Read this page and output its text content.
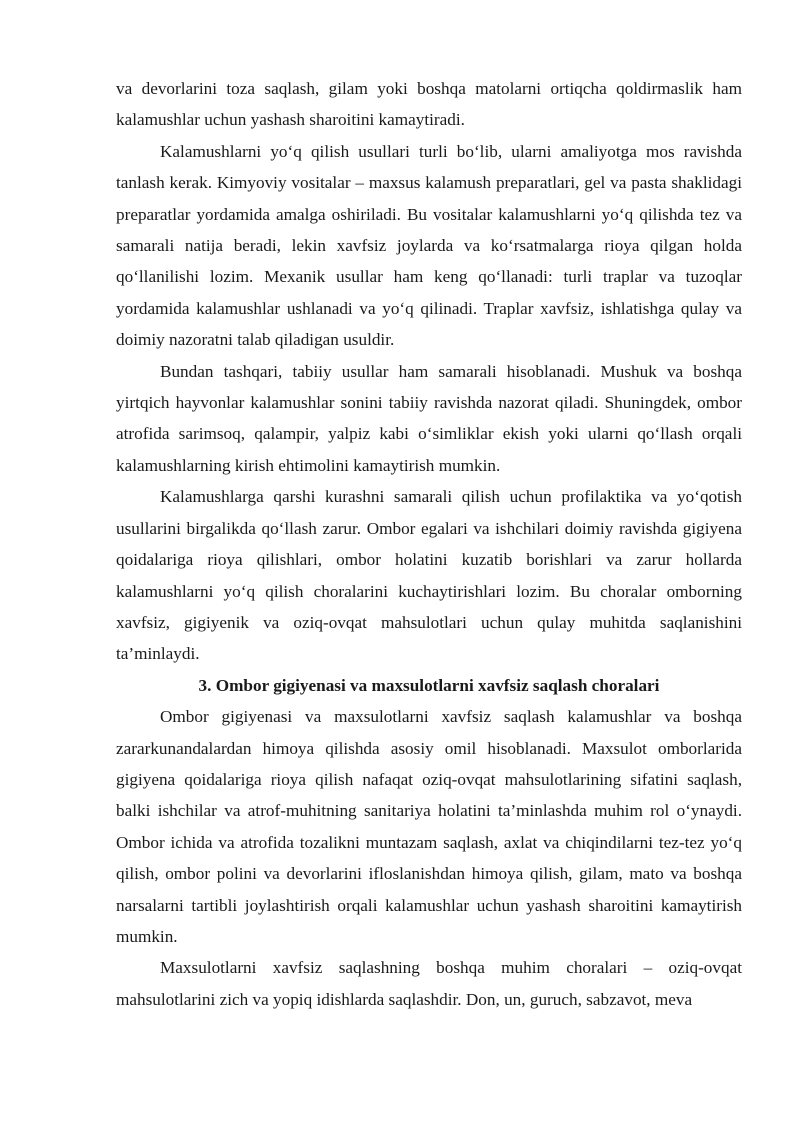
va devorlarini toza saqlash, gilam yoki boshqa matolarni ortiqcha qoldirmaslik ham kalamushlar uchun yashash sharoitini kamaytiradi.

Kalamushlarni yo‘q qilish usullari turli bo‘lib, ularni amaliyotga mos ravishda tanlash kerak. Kimyoviy vositalar – maxsus kalamush preparatlari, gel va pasta shaklidagi preparatlar yordamida amalga oshiriladi. Bu vositalar kalamushlarni yo‘q qilishda tez va samarali natija beradi, lekin xavfsiz joylarda va ko‘rsatmalarga rioya qilgan holda qo‘llanilishi lozim. Mexanik usullar ham keng qo‘llanadi: turli traplar va tuzoqlar yordamida kalamushlar ushlanadi va yo‘q qilinadi. Traplar xavfsiz, ishlatishga qulay va doimiy nazoratni talab qiladigan usuldir.

Bundan tashqari, tabiiy usullar ham samarali hisoblanadi. Mushuk va boshqa yirtqich hayvonlar kalamushlar sonini tabiiy ravishda nazorat qiladi. Shuningdek, ombor atrofida sarimsoq, qalampir, yalpiz kabi o‘simliklar ekish yoki ularni qo‘llash orqali kalamushlarning kirish ehtimolini kamaytirish mumkin.

Kalamushlarga qarshi kurashni samarali qilish uchun profilaktika va yo‘qotish usullarini birgalikda qo‘llash zarur. Ombor egalari va ishchilari doimiy ravishda gigiyena qoidalariga rioya qilishlari, ombor holatini kuzatib borishlari va zarur hollarda kalamushlarni yo‘q qilish choralarini kuchaytirishlari lozim. Bu choralar omborning xavfsiz, gigiyenik va oziq-ovqat mahsulotlari uchun qulay muhitda saqlanishini ta’minlaydi.

3. Ombor gigiyenasi va maxsulotlarni xavfsiz saqlash choralari

Ombor gigiyenasi va maxsulotlarni xavfsiz saqlash kalamushlar va boshqa zararkunandalardan himoya qilishda asosiy omil hisoblanadi. Maxsulot omborlarida gigiyena qoidalariga rioya qilish nafaqat oziq-ovqat mahsulotlarining sifatini saqlash, balki ishchilar va atrof-muhitning sanitariya holatini ta’minlashda muhim rol o‘ynaydi. Ombor ichida va atrofida tozalikni muntazam saqlash, axlat va chiqindilarni tez-tez yo‘q qilish, ombor polini va devorlarini ifloslanishdan himoya qilish, gilam, mato va boshqa narsalarni tartibli joylashtirish orqali kalamushlar uchun yashash sharoitini kamaytirish mumkin.

Maxsulotlarni xavfsiz saqlashning boshqa muhim choralari – oziq-ovqat mahsulotlarini zich va yopiq idishlarda saqlashdir. Don, un, guruch, sabzavot, meva
